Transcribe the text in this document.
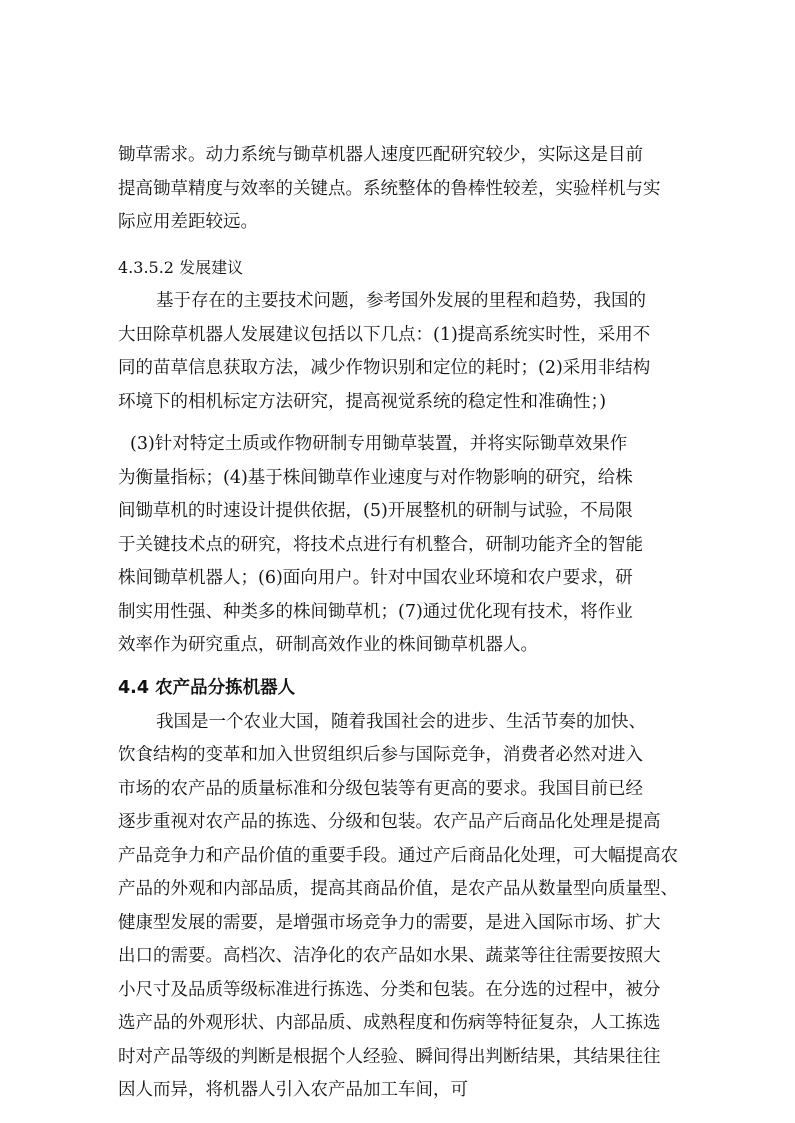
锄草需求。动力系统与锄草机器人速度匹配研究较少，实际这是目前
提高锄草精度与效率的关键点。系统整体的鲁棒性较差，实验样机与实
际应用差距较远。
4.3.5.2 发展建议
基于存在的主要技术问题，参考国外发展的里程和趋势，我国的
大田除草机器人发展建议包括以下几点：(1)提高系统实时性，采用不
同的苗草信息获取方法，减少作物识别和定位的耗时；(2)采用非结构
环境下的相机标定方法研究，提高视觉系统的稳定性和准确性；)
(3)针对特定土质或作物研制专用锄草装置，并将实际锄草效果作
为衡量指标；(4)基于株间锄草作业速度与对作物影响的研究，给株
间锄草机的时速设计提供依据，(5)开展整机的研制与试验，不局限
于关键技术点的研究，将技术点进行有机整合，研制功能齐全的智能
株间锄草机器人；(6)面向用户。针对中国农业环境和农户要求，研
制实用性强、种类多的株间锄草机；(7)通过优化现有技术，将作业
效率作为研究重点，研制高效作业的株间锄草机器人。
4.4 农产品分拣机器人
我国是一个农业大国，随着我国社会的进步、生活节奏的加快、
饮食结构的变革和加入世贸组织后参与国际竞争，消费者必然对进入
市场的农产品的质量标准和分级包装等有更高的要求。我国目前已经
逐步重视对农产品的拣选、分级和包装。农产品产后商品化处理是提高
产品竞争力和产品价值的重要手段。通过产后商品化处理，可大幅提高农
产品的外观和内部品质，提高其商品价值，是农产品从数量型向质量型、
健康型发展的需要，是增强市场竞争力的需要，是进入国际市场、扩大
出口的需要。高档次、洁净化的农产品如水果、蔬菜等往往需要按照大
小尺寸及品质等级标准进行拣选、分类和包装。在分选的过程中，被分
选产品的外观形状、内部品质、成熟程度和伤病等特征复杂，人工拣选
时对产品等级的判断是根据个人经验、瞬间得出判断结果，其结果往往
因人而异，将机器人引入农产品加工车间，可
